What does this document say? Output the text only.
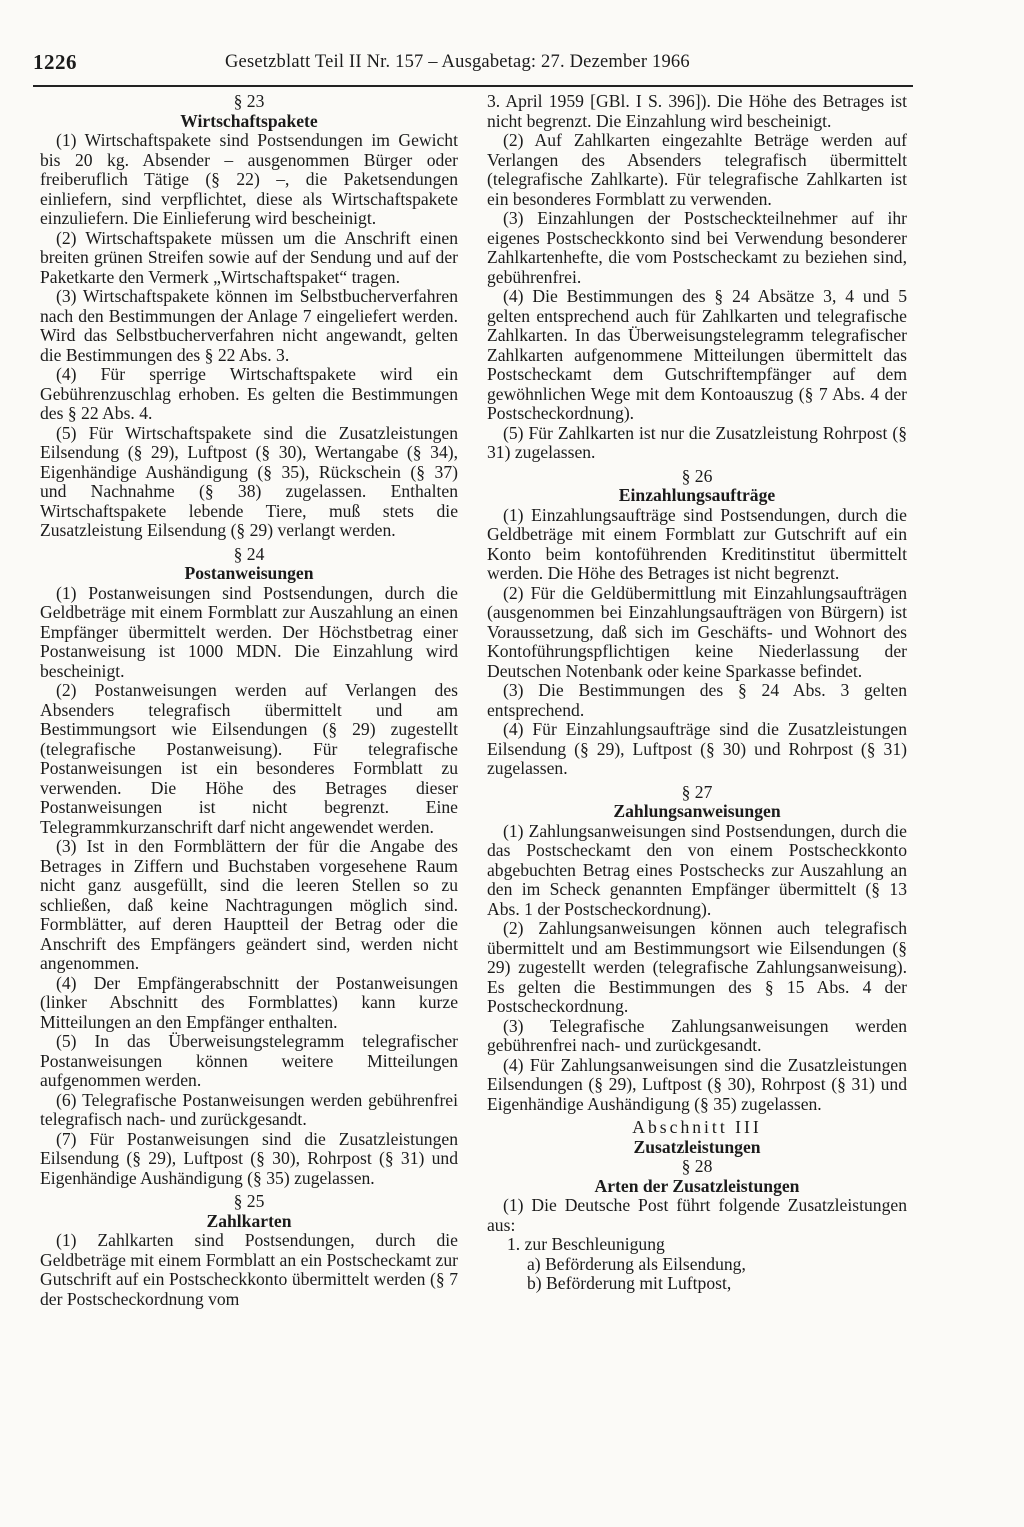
1226	Gesetzblatt Teil II Nr. 157 – Ausgabetag: 27. Dezember 1966
§ 23
Wirtschaftspakete

(1) Wirtschaftspakete sind Postsendungen im Gewicht bis 20 kg. Absender – ausgenommen Bürger oder freiberuflich Tätige (§ 22) –, die Paketsendungen einliefern, sind verpflichtet, diese als Wirtschaftspakete einzuliefern. Die Einlieferung wird bescheinigt.

(2) Wirtschaftspakete müssen um die Anschrift einen breiten grünen Streifen sowie auf der Sendung und auf der Paketkarte den Vermerk „Wirtschaftspaket“ tragen.

(3) Wirtschaftspakete können im Selbstbucherverfahren nach den Bestimmungen der Anlage 7 eingeliefert werden. Wird das Selbstbucherverfahren nicht angewandt, gelten die Bestimmungen des § 22 Abs. 3.

(4) Für sperrige Wirtschaftspakete wird ein Gebührenzuschlag erhoben. Es gelten die Bestimmungen des § 22 Abs. 4.

(5) Für Wirtschaftspakete sind die Zusatzleistungen Eilsendung (§ 29), Luftpost (§ 30), Wertangabe (§ 34), Eigenhändige Aushändigung (§ 35), Rückschein (§ 37) und Nachnahme (§ 38) zugelassen. Enthalten Wirtschaftspakete lebende Tiere, muß stets die Zusatzleistung Eilsendung (§ 29) verlangt werden.

§ 24
Postanweisungen

(1) Postanweisungen sind Postsendungen, durch die Geldbeträge mit einem Formblatt zur Auszahlung an einen Empfänger übermittelt werden. Der Höchstbetrag einer Postanweisung ist 1000 MDN. Die Einzahlung wird bescheinigt.

(2) Postanweisungen werden auf Verlangen des Absenders telegrafisch übermittelt und am Bestimmungsort wie Eilsendungen (§ 29) zugestellt (telegrafische Postanweisung). Für telegrafische Postanweisungen ist ein besonderes Formblatt zu verwenden. Die Höhe des Betrages dieser Postanweisungen ist nicht begrenzt. Eine Telegrammkurzanschrift darf nicht angewendet werden.

(3) Ist in den Formblättern der für die Angabe des Betrages in Ziffern und Buchstaben vorgesehene Raum nicht ganz ausgefüllt, sind die leeren Stellen so zu schließen, daß keine Nachtragungen möglich sind. Formblätter, auf deren Hauptteil der Betrag oder die Anschrift des Empfängers geändert sind, werden nicht angenommen.

(4) Der Empfängerabschnitt der Postanweisungen (linker Abschnitt des Formblattes) kann kurze Mitteilungen an den Empfänger enthalten.

(5) In das Überweisungstelegramm telegrafischer Postanweisungen können weitere Mitteilungen aufgenommen werden.

(6) Telegrafische Postanweisungen werden gebührenfrei telegrafisch nach- und zurückgesandt.

(7) Für Postanweisungen sind die Zusatzleistungen Eilsendung (§ 29), Luftpost (§ 30), Rohrpost (§ 31) und Eigenhändige Aushändigung (§ 35) zugelassen.

§ 25
Zahlkarten

(1) Zahlkarten sind Postsendungen, durch die Geldbeträge mit einem Formblatt an ein Postscheckamt zur Gutschrift auf ein Postscheckkonto übermittelt werden (§ 7 der Postscheckordnung vom

3. April 1959 [GBl. I S. 396]). Die Höhe des Betrages ist nicht begrenzt. Die Einzahlung wird bescheinigt.

(2) Auf Zahlkarten eingezahlte Beträge werden auf Verlangen des Absenders telegrafisch übermittelt (telegrafische Zahlkarte). Für telegrafische Zahlkarten ist ein besonderes Formblatt zu verwenden.

(3) Einzahlungen der Postscheckteilnehmer auf ihr eigenes Postscheckkonto sind bei Verwendung besonderer Zahlkartenhefte, die vom Postscheckamt zu beziehen sind, gebührenfrei.

(4) Die Bestimmungen des § 24 Absätze 3, 4 und 5 gelten entsprechend auch für Zahlkarten und telegrafische Zahlkarten. In das Überweisungstelegramm telegrafischer Zahlkarten aufgenommene Mitteilungen übermittelt das Postscheckamt dem Gutschriftempfänger auf dem gewöhnlichen Wege mit dem Kontoauszug (§ 7 Abs. 4 der Postscheckordnung).

(5) Für Zahlkarten ist nur die Zusatzleistung Rohrpost (§ 31) zugelassen.

§ 26
Einzahlungsaufträge

(1) Einzahlungsaufträge sind Postsendungen, durch die Geldbeträge mit einem Formblatt zur Gutschrift auf ein Konto beim kontoführenden Kreditinstitut übermittelt werden. Die Höhe des Betrages ist nicht begrenzt.

(2) Für die Geldübermittlung mit Einzahlungsaufträgen (ausgenommen bei Einzahlungsaufträgen von Bürgern) ist Voraussetzung, daß sich im Geschäfts- und Wohnort des Kontoführungspflichtigen keine Niederlassung der Deutschen Notenbank oder keine Sparkasse befindet.

(3) Die Bestimmungen des § 24 Abs. 3 gelten entsprechend.

(4) Für Einzahlungsaufträge sind die Zusatzleistungen Eilsendung (§ 29), Luftpost (§ 30) und Rohrpost (§ 31) zugelassen.

§ 27
Zahlungsanweisungen

(1) Zahlungsanweisungen sind Postsendungen, durch die das Postscheckamt den von einem Postscheckkonto abgebuchten Betrag eines Postschecks zur Auszahlung an den im Scheck genannten Empfänger übermittelt (§ 13 Abs. 1 der Postscheckordnung).

(2) Zahlungsanweisungen können auch telegrafisch übermittelt und am Bestimmungsort wie Eilsendungen (§ 29) zugestellt werden (telegrafische Zahlungsanweisung). Es gelten die Bestimmungen des § 15 Abs. 4 der Postscheckordnung.

(3) Telegrafische Zahlungsanweisungen werden gebührenfrei nach- und zurückgesandt.

(4) Für Zahlungsanweisungen sind die Zusatzleistungen Eilsendungen (§ 29), Luftpost (§ 30), Rohrpost (§ 31) und Eigenhändige Aushändigung (§ 35) zugelassen.

Abschnitt III
Zusatzleistungen
§ 28
Arten der Zusatzleistungen

(1) Die Deutsche Post führt folgende Zusatzleistungen aus:

1. zur Beschleunigung

a) Beförderung als Eilsendung,

b) Beförderung mit Luftpost,
